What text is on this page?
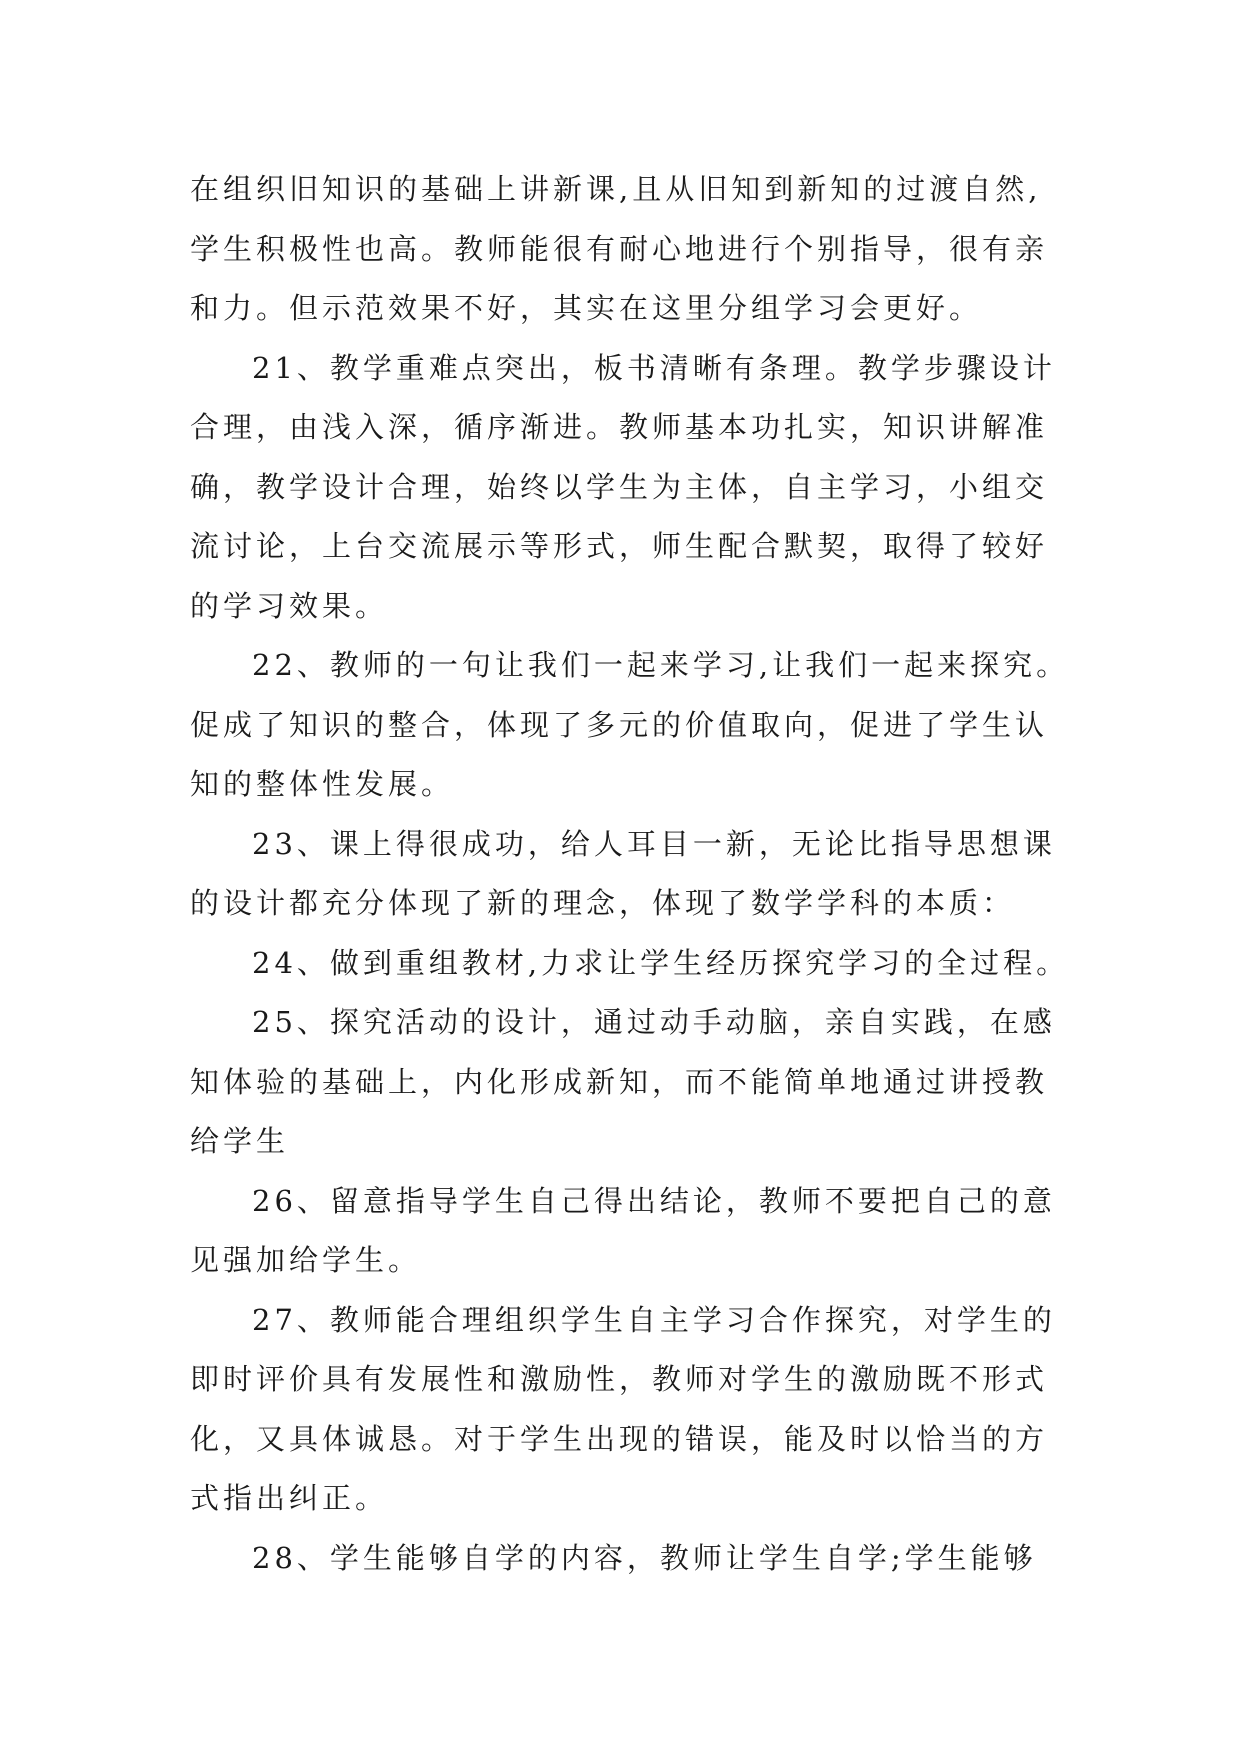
在组织旧知识的基础上讲新课,且从旧知到新知的过渡自然,
学生积极性也高。教师能很有耐心地进行个别指导，很有亲
和力。但示范效果不好，其实在这里分组学习会更好。
21、教学重难点突出，板书清晰有条理。教学步骤设计
合理，由浅入深，循序渐进。教师基本功扎实，知识讲解准
确，教学设计合理，始终以学生为主体，自主学习，小组交
流讨论，上台交流展示等形式，师生配合默契，取得了较好
的学习效果。
22、教师的一句让我们一起来学习,让我们一起来探究。
促成了知识的整合，体现了多元的价值取向，促进了学生认
知的整体性发展。
23、课上得很成功，给人耳目一新，无论比指导思想课
的设计都充分体现了新的理念，体现了数学学科的本质：
24、做到重组教材,力求让学生经历探究学习的全过程。
25、探究活动的设计，通过动手动脑，亲自实践，在感
知体验的基础上，内化形成新知，而不能简单地通过讲授教
给学生
26、留意指导学生自己得出结论，教师不要把自己的意
见强加给学生。
27、教师能合理组织学生自主学习合作探究，对学生的
即时评价具有发展性和激励性，教师对学生的激励既不形式
化，又具体诚恳。对于学生出现的错误，能及时以恰当的方
式指出纠正。
28、学生能够自学的内容，教师让学生自学;学生能够
